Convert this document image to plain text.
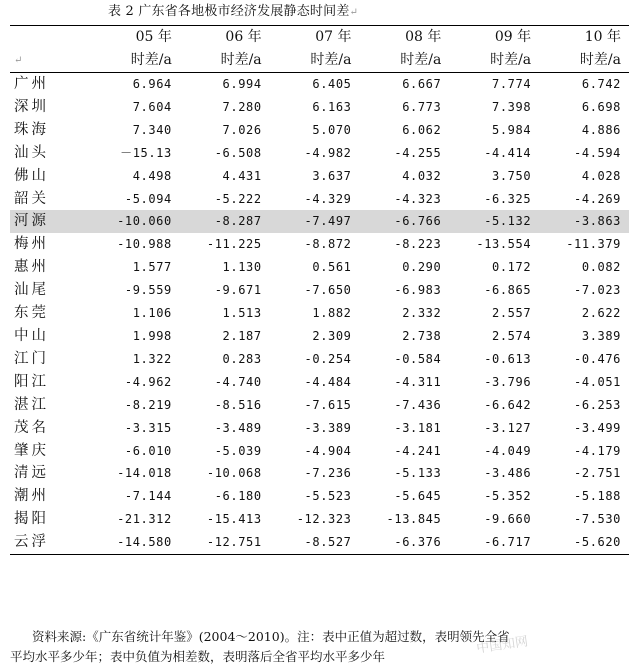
表 2 广东省各地极市经济发展静态时间差↵
	05 年	06 年	07 年	08 年	09 年	10 年
↵	时差/a	时差/a	时差/a	时差/a	时差/a	时差/a
广州	6.964	6.994	6.405	6.667	7.774	6.742
深圳	7.604	7.280	6.163	6.773	7.398	6.698
珠海	7.340	7.026	5.070	6.062	5.984	4.886
汕头	－15.13	-6.508	-4.982	-4.255	-4.414	-4.594
佛山	4.498	4.431	3.637	4.032	3.750	4.028
韶关	-5.094	-5.222	-4.329	-4.323	-6.325	-4.269
河源	-10.060	-8.287	-7.497	-6.766	-5.132	-3.863
梅州	-10.988	-11.225	-8.872	-8.223	-13.554	-11.379
惠州	1.577	1.130	0.561	0.290	0.172	0.082
汕尾	-9.559	-9.671	-7.650	-6.983	-6.865	-7.023
东莞	1.106	1.513	1.882	2.332	2.557	2.622
中山	1.998	2.187	2.309	2.738	2.574	3.389
江门	1.322	0.283	-0.254	-0.584	-0.613	-0.476
阳江	-4.962	-4.740	-4.484	-4.311	-3.796	-4.051
湛江	-8.219	-8.516	-7.615	-7.436	-6.642	-6.253
茂名	-3.315	-3.489	-3.389	-3.181	-3.127	-3.499
肇庆	-6.010	-5.039	-4.904	-4.241	-4.049	-4.179
清远	-14.018	-10.068	-7.236	-5.133	-3.486	-2.751
潮州	-7.144	-6.180	-5.523	-5.645	-5.352	-5.188
揭阳	-21.312	-15.413	-12.323	-13.845	-9.660	-7.530
云浮	-14.580	-12.751	-8.527	-6.376	-6.717	-5.620
资料来源:《广东省统计年鉴》(2004～2010)。注：表中正值为超过数，表明领先全省
平均水平多少年；表中负值为相差数，表明落后全省平均水平多少年	中国知网
